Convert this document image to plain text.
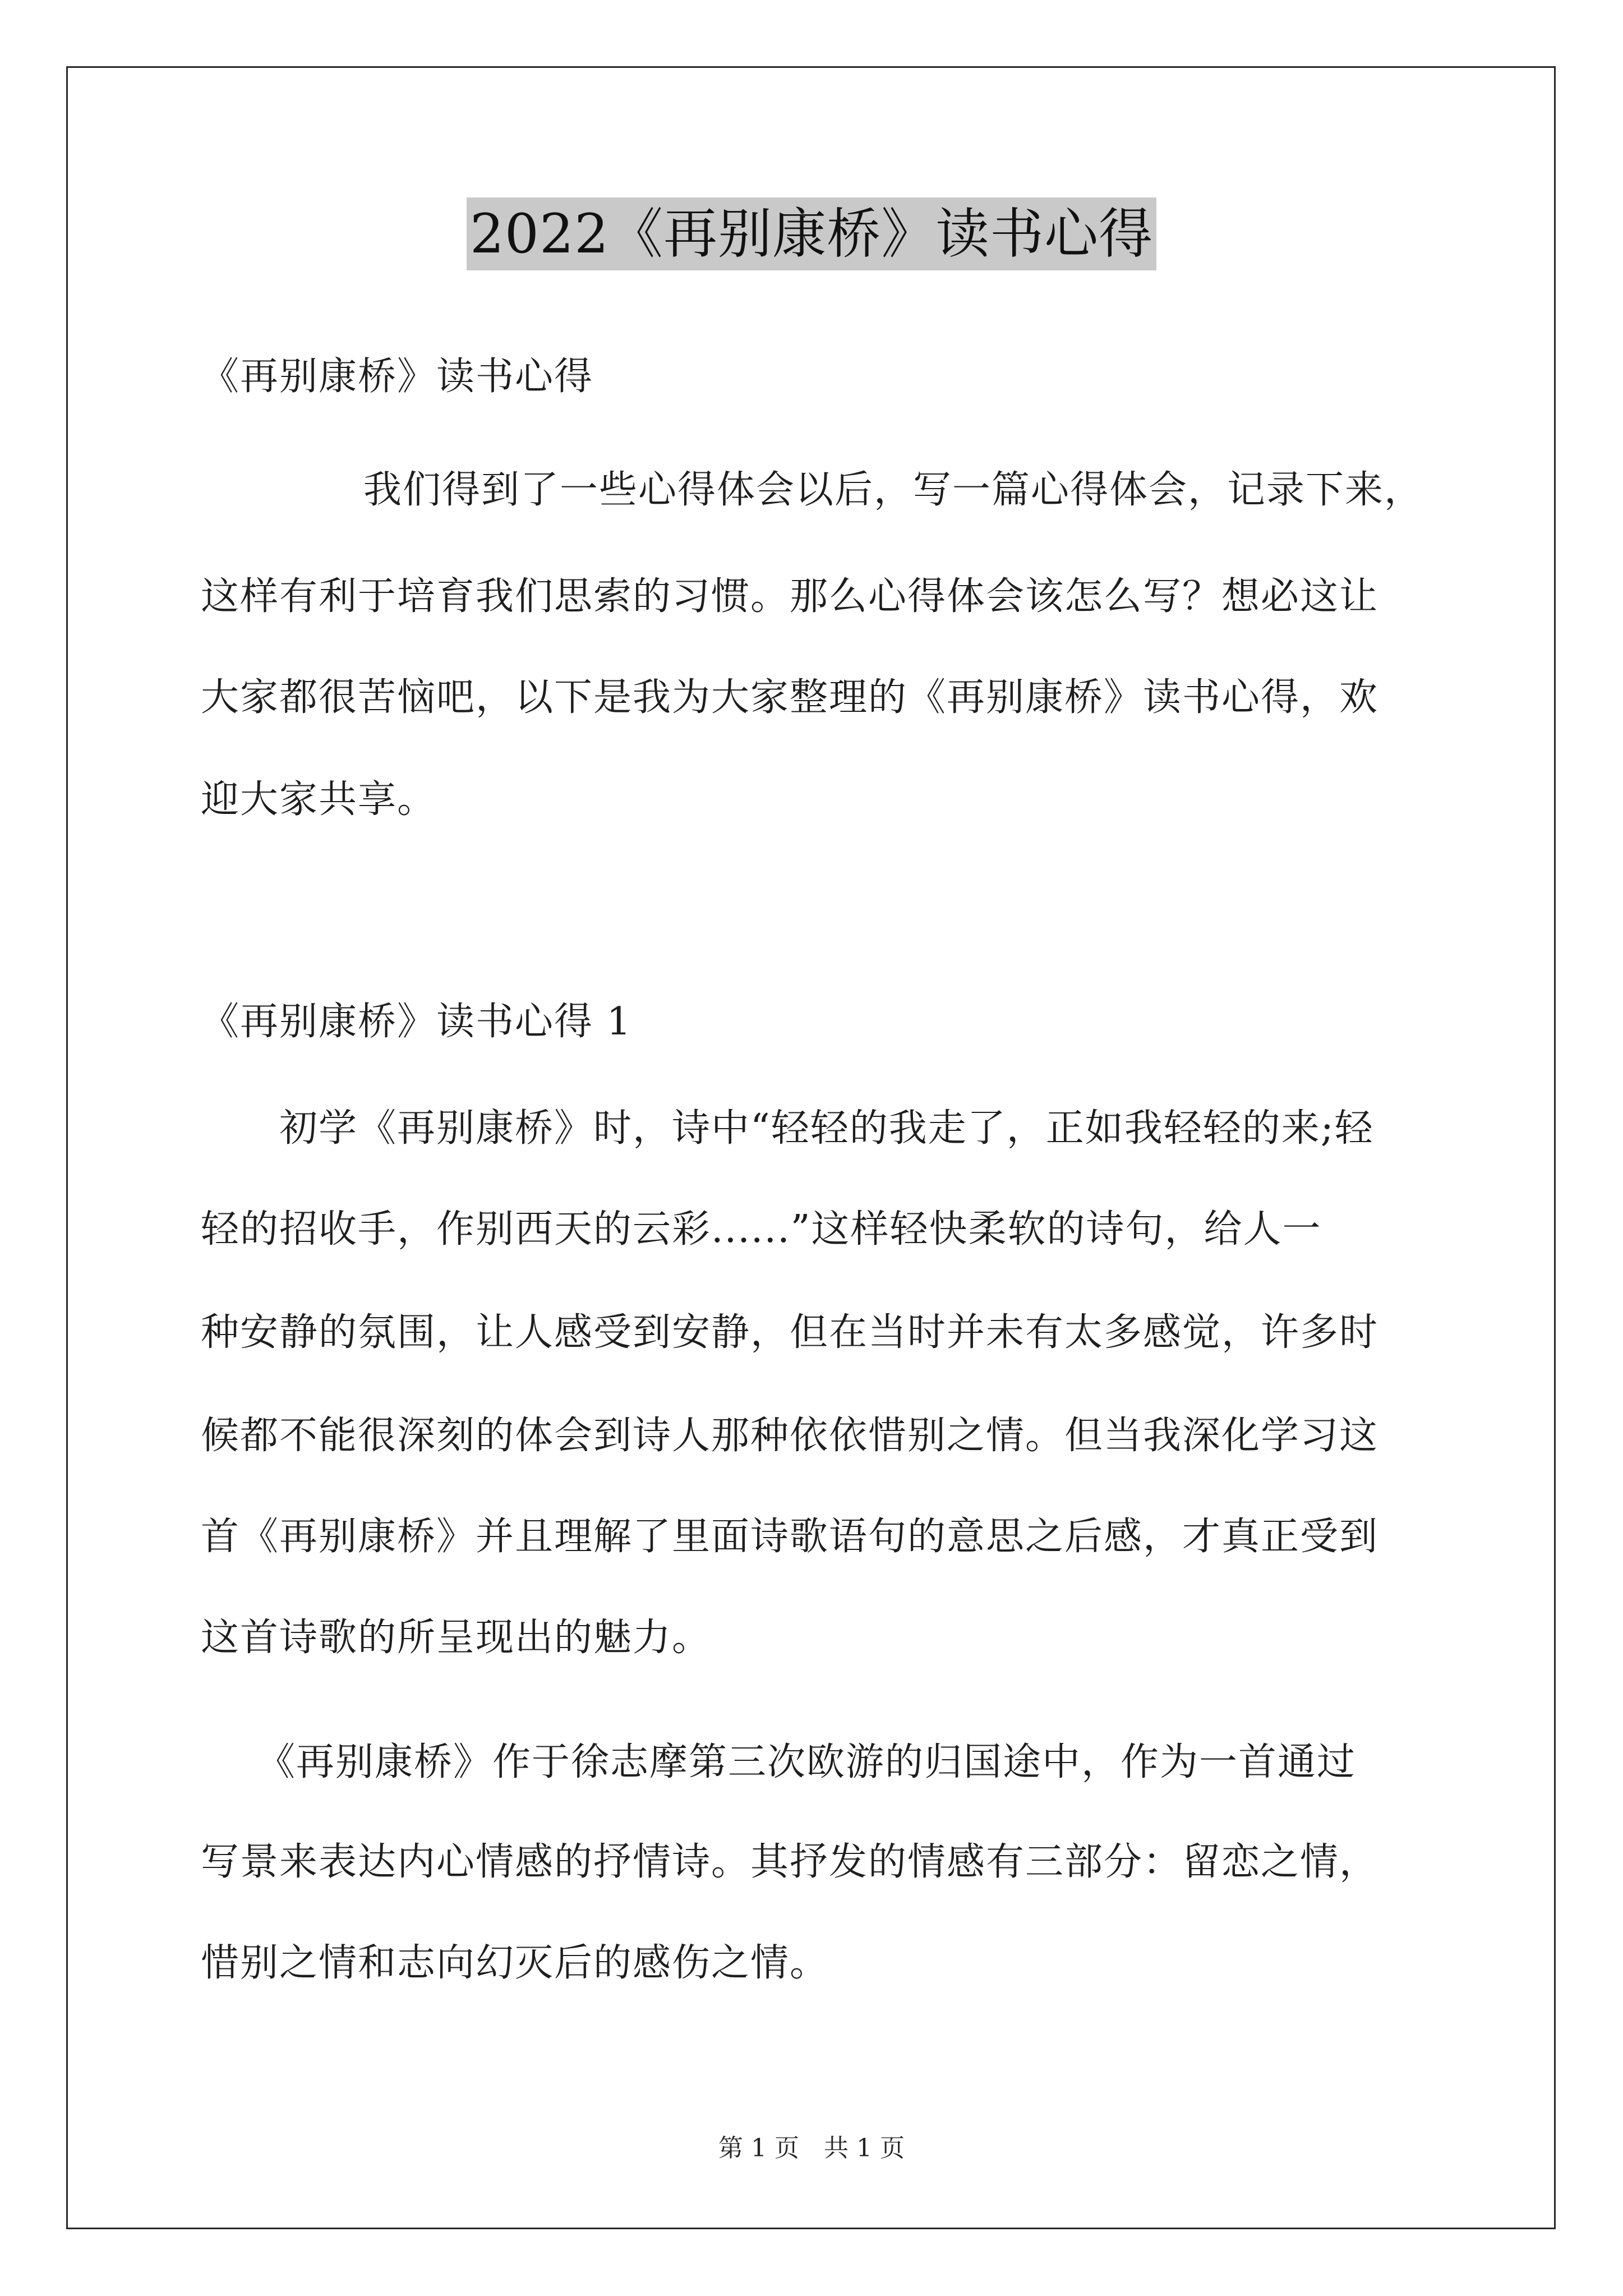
2022《再别康桥》读书心得
《再别康桥》读书心得
我们得到了一些心得体会以后，写一篇心得体会，记录下来，
这样有利于培育我们思索的习惯。那么心得体会该怎么写？想必这让
大家都很苦恼吧，以下是我为大家整理的《再别康桥》读书心得，欢
迎大家共享。
《再别康桥》读书心得 1
初学《再别康桥》时，诗中“轻轻的我走了，正如我轻轻的来;轻
轻的招收手，作别西天的云彩......”这样轻快柔软的诗句，给人一
种安静的氛围，让人感受到安静，但在当时并未有太多感觉，许多时
候都不能很深刻的体会到诗人那种依依惜别之情。但当我深化学习这
首《再别康桥》并且理解了里面诗歌语句的意思之后感，才真正受到
这首诗歌的所呈现出的魅力。
《再别康桥》作于徐志摩第三次欧游的归国途中，作为一首通过
写景来表达内心情感的抒情诗。其抒发的情感有三部分：留恋之情，
惜别之情和志向幻灭后的感伤之情。
第 1 页　共 1 页
